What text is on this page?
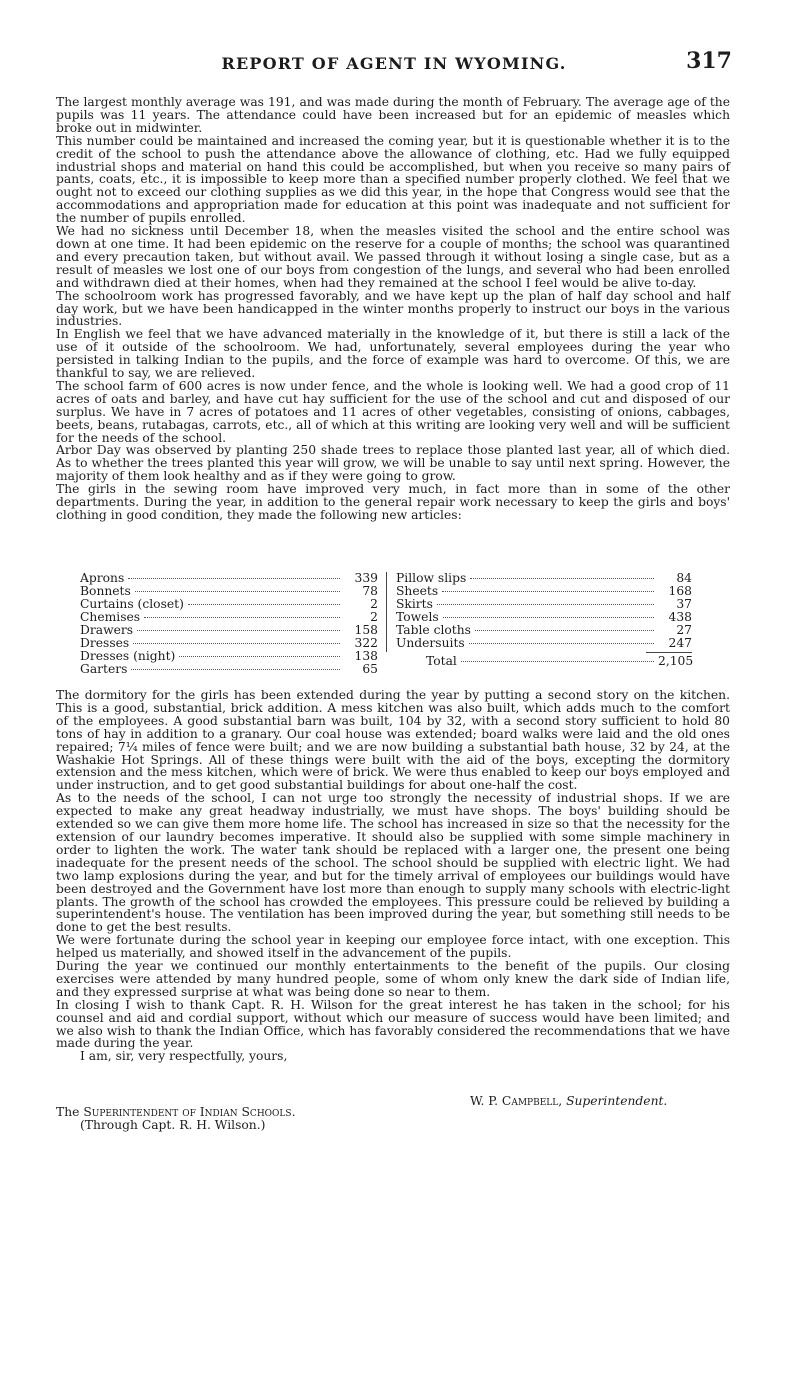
REPORT OF AGENT IN WYOMING.	317

The largest monthly average was 191, and was made during the month of February. The average age of the pupils was 11 years. The attendance could have been increased but for an epidemic of measles which broke out in midwinter.

This number could be maintained and increased the coming year, but it is questionable whether it is to the credit of the school to push the attendance above the allowance of clothing, etc. Had we fully equipped industrial shops and material on hand this could be accomplished, but when you receive so many pairs of pants, coats, etc., it is impossible to keep more than a specified number properly clothed. We feel that we ought not to exceed our clothing supplies as we did this year, in the hope that Congress would see that the accommodations and appropriation made for education at this point was inadequate and not sufficient for the number of pupils enrolled.

We had no sickness until December 18, when the measles visited the school and the entire school was down at one time. It had been epidemic on the reserve for a couple of months; the school was quarantined and every precaution taken, but without avail. We passed through it without losing a single case, but as a result of measles we lost one of our boys from congestion of the lungs, and several who had been enrolled and withdrawn died at their homes, when had they remained at the school I feel would be alive to-day.

The schoolroom work has progressed favorably, and we have kept up the plan of half day school and half day work, but we have been handicapped in the winter months properly to instruct our boys in the various industries.

In English we feel that we have advanced materially in the knowledge of it, but there is still a lack of the use of it outside of the schoolroom. We had, unfortunately, several employees during the year who persisted in talking Indian to the pupils, and the force of example was hard to overcome. Of this, we are thankful to say, we are relieved.

The school farm of 600 acres is now under fence, and the whole is looking well. We had a good crop of 11 acres of oats and barley, and have cut hay sufficient for the use of the school and cut and disposed of our surplus. We have in 7 acres of potatoes and 11 acres of other vegetables, consisting of onions, cabbages, beets, beans, rutabagas, carrots, etc., all of which at this writing are looking very well and will be sufficient for the needs of the school.

Arbor Day was observed by planting 250 shade trees to replace those planted last year, all of which died. As to whether the trees planted this year will grow, we will be unable to say until next spring. However, the majority of them look healthy and as if they were going to grow.

The girls in the sewing room have improved very much, in fact more than in some of the other departments. During the year, in addition to the general repair work necessary to keep the girls and boys' clothing in good condition, they made the following new articles:

Aprons	339
Bonnets	78
Curtains (closet)	2
Chemises	2
Drawers	158
Dresses	322
Dresses (night)	138
Garters	65
Pillow slips	84
Sheets	168
Skirts	37
Towels	438
Table cloths	27
Undersuits	247
Total	2,105

The dormitory for the girls has been extended during the year by putting a second story on the kitchen. This is a good, substantial, brick addition. A mess kitchen was also built, which adds much to the comfort of the employees. A good substantial barn was built, 104 by 32, with a second story sufficient to hold 80 tons of hay in addition to a granary. Our coal house was extended; board walks were laid and the old ones repaired; 7¼ miles of fence were built; and we are now building a substantial bath house, 32 by 24, at the Washakie Hot Springs. All of these things were built with the aid of the boys, excepting the dormitory extension and the mess kitchen, which were of brick. We were thus enabled to keep our boys employed and under instruction, and to get good substantial buildings for about one-half the cost.

As to the needs of the school, I can not urge too strongly the necessity of industrial shops. If we are expected to make any great headway industrially, we must have shops. The boys' building should be extended so we can give them more home life. The school has increased in size so that the necessity for the extension of our laundry becomes imperative. It should also be supplied with some simple machinery in order to lighten the work. The water tank should be replaced with a larger one, the present one being inadequate for the present needs of the school. The school should be supplied with electric light. We had two lamp explosions during the year, and but for the timely arrival of employees our buildings would have been destroyed and the Government have lost more than enough to supply many schools with electric-light plants. The growth of the school has crowded the employees. This pressure could be relieved by building a superintendent's house. The ventilation has been improved during the year, but something still needs to be done to get the best results.

We were fortunate during the school year in keeping our employee force intact, with one exception. This helped us materially, and showed itself in the advancement of the pupils.

During the year we continued our monthly entertainments to the benefit of the pupils. Our closing exercises were attended by many hundred people, some of whom only knew the dark side of Indian life, and they expressed surprise at what was being done so near to them.

In closing I wish to thank Capt. R. H. Wilson for the great interest he has taken in the school; for his counsel and aid and cordial support, without which our measure of success would have been limited; and we also wish to thank the Indian Office, which has favorably considered the recommendations that we have made during the year.

I am, sir, very respectfully, yours,

W. P. Campbell, Superintendent.
The Superintendent of Indian Schools.
(Through Capt. R. H. Wilson.)
